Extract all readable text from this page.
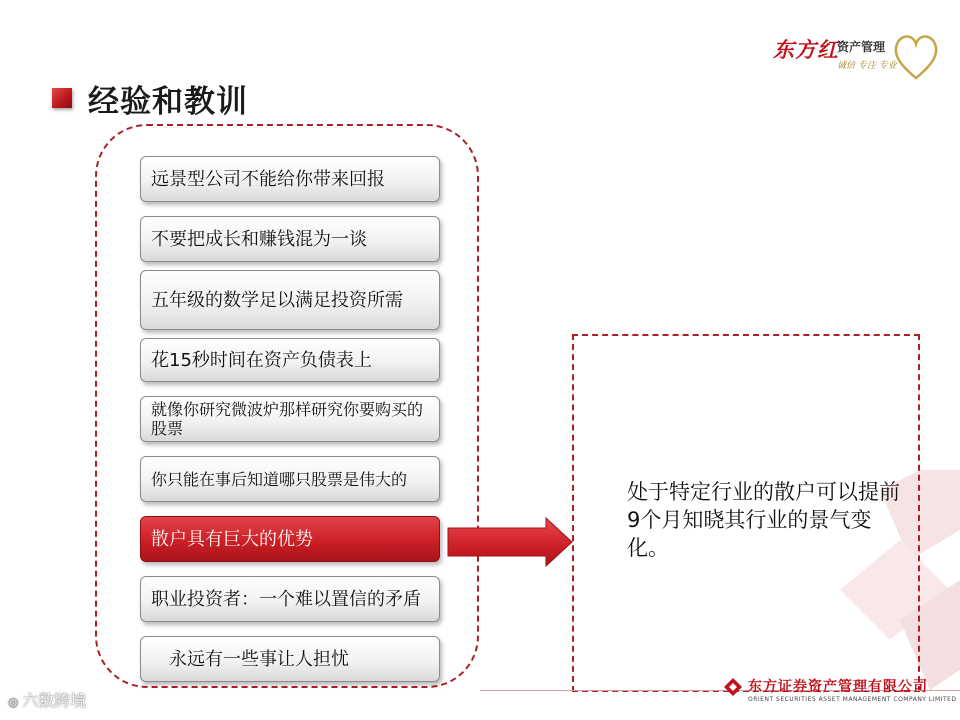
东方红
资产管理
诚信 专注 专业
经验和教训
远景型公司不能给你带来回报
不要把成长和赚钱混为一谈
五年级的数学足以满足投资所需
花15秒时间在资产负债表上
就像你研究微波炉那样研究你要购买的股票
你只能在事后知道哪只股票是伟大的
散户具有巨大的优势
职业投资者：一个难以置信的矛盾
永远有一些事让人担忧
处于特定行业的散户可以提前9个月知晓其行业的景气变化。
东方证券资产管理有限公司
ORIENT SECURITIES ASSET MANAGEMENT COMPANY LIMITED
◎ 六数跨境
